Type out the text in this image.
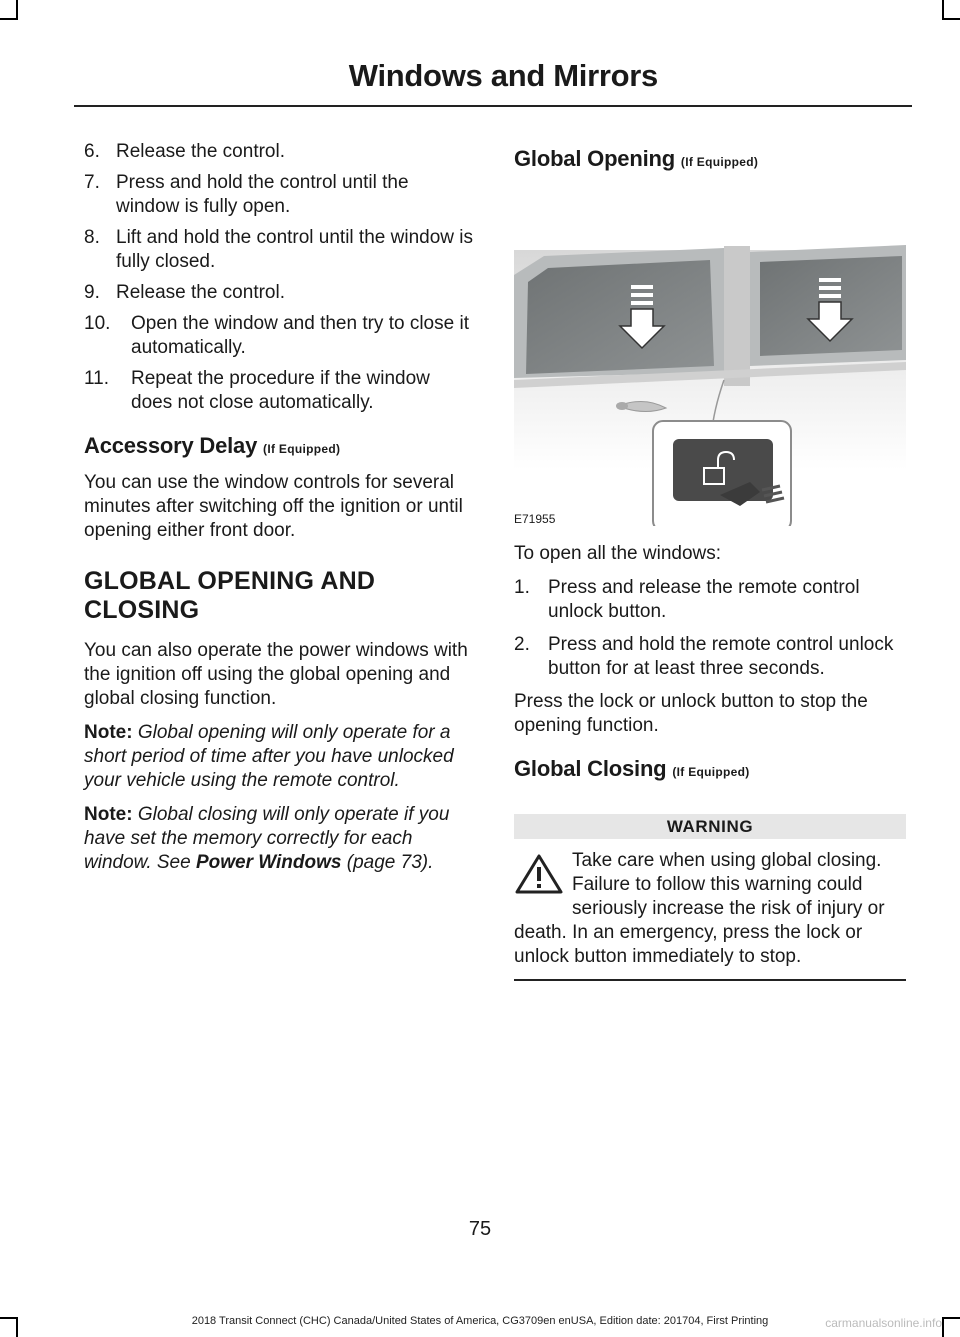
Windows and Mirrors
6. Release the control.
7. Press and hold the control until the window is fully open.
8. Lift and hold the control until the window is fully closed.
9. Release the control.
10.	Open the window and then try to close it automatically.
11.	Repeat the procedure if the window does not close automatically.
Accessory Delay (If Equipped)

You can use the window controls for several minutes after switching off the ignition or until opening either front door.

GLOBAL OPENING AND
CLOSING

You can also operate the power windows with the ignition off using the global opening and global closing function.

Note: Global opening will only operate for a short period of time after you have unlocked your vehicle using the remote control.

Note: Global closing will only operate if you have set the memory correctly for each window. See Power Windows (page 73).

Global Opening (If Equipped)
E71955

To open all the windows:

1. Press and release the remote control unlock button.
2. Press and hold the remote control unlock button for at least three seconds.

Press the lock or unlock button to stop the opening function.

Global Closing (If Equipped)
WARNING
Take care when using global closing. Failure to follow this warning could seriously increase the risk of injury or death. In an emergency, press the lock or unlock button immediately to stop.
75
2018 Transit Connect (CHC) Canada/United States of America, CG3709en enUSA, Edition date: 201704, First Printing	carmanualsonline.info
